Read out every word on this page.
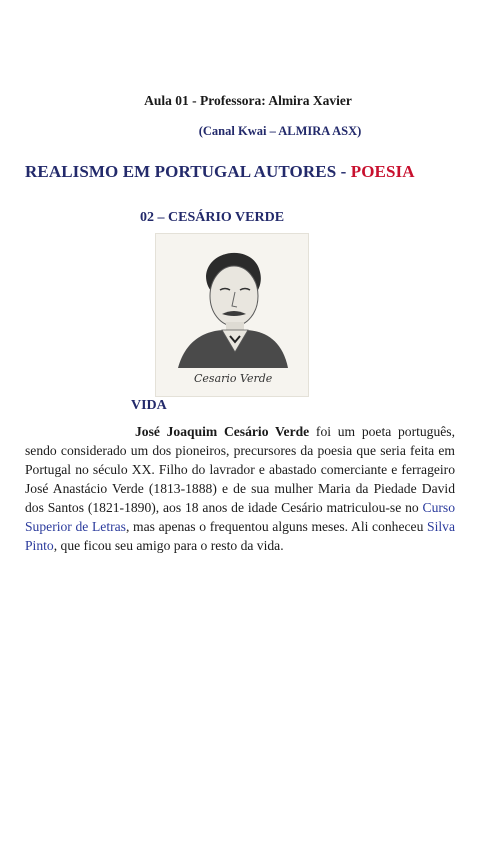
Aula 01 - Professora: Almira Xavier
(Canal Kwai – ALMIRA ASX)
REALISMO EM PORTUGAL AUTORES - POESIA
02 – CESÁRIO VERDE
Cesario Verde
VIDA
José Joaquim Cesário Verde foi um poeta português, sendo considerado um dos pioneiros, precursores da poesia que seria feita em Portugal no século XX. Filho do lavrador e abastado comerciante e ferrageiro José Anastácio Verde (1813-1888) e de sua mulher Maria da Piedade David dos Santos (1821-1890), aos 18 anos de idade Cesário matriculou-se no Curso Superior de Letras, mas apenas o frequentou alguns meses. Ali conheceu Silva Pinto, que ficou seu amigo para o resto da vida.
